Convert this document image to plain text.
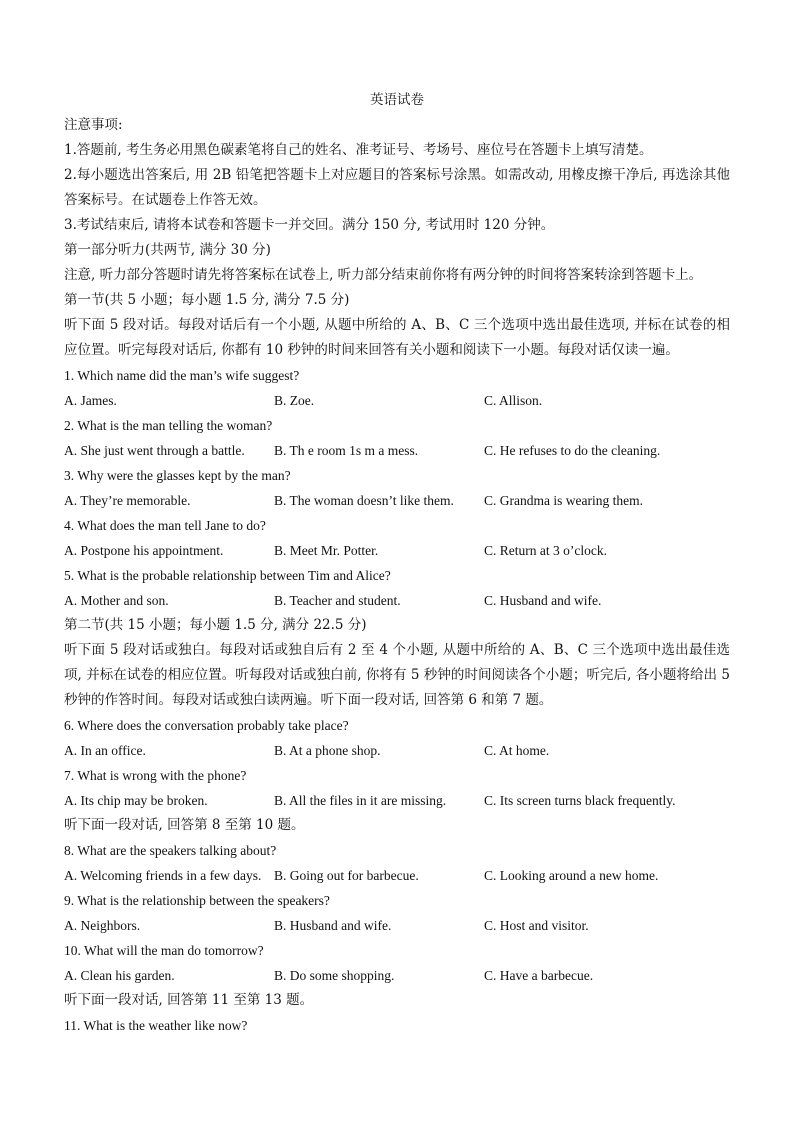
英语试卷
注意事项:
1.答题前, 考生务必用黑色碳素笔将自己的姓名、准考证号、考场号、座位号在答题卡上填写清楚。
2.每小题选出答案后, 用 2B 铅笔把答题卡上对应题目的答案标号涂黑。如需改动, 用橡皮擦干净后, 再选涂其他答案标号。在试题卷上作答无效。
3.考试结束后, 请将本试卷和答题卡一并交回。满分 150 分, 考试用时 120 分钟。
第一部分听力(共两节, 满分 30 分)
注意, 听力部分答题时请先将答案标在试卷上, 听力部分结束前你将有两分钟的时间将答案转涂到答题卡上。
第一节(共 5 小题；每小题 1.5 分, 满分 7.5 分)
听下面 5 段对话。每段对话后有一个小题, 从题中所给的 A、B、C 三个选项中选出最佳选项, 并标在试卷的相应位置。听完每段对话后, 你都有 10 秒钟的时间来回答有关小题和阅读下一小题。每段对话仅读一遍。
1. Which name did the man’s wife suggest?
A. James.	B. Zoe.	C. Allison.
2. What is the man telling the woman?
A. She just went through a battle.	B. Th e room 1s m a mess.	C. He refuses to do the cleaning.
3. Why were the glasses kept by the man?
A. They’re memorable.	B. The woman doesn’t like them.	C. Grandma is wearing them.
4. What does the man tell Jane to do?
A. Postpone his appointment.	B. Meet Mr. Potter.	C. Return at 3 o’clock.
5. What is the probable relationship between Tim and Alice?
A. Mother and son.	B. Teacher and student.	C. Husband and wife.
第二节(共 15 小题；每小题 1.5 分, 满分 22.5 分)
听下面 5 段对话或独白。每段对话或独自后有 2 至 4 个小题, 从题中所给的 A、B、C 三个选项中选出最佳选项, 并标在试卷的相应位置。听每段对话或独白前, 你将有 5 秒钟的时间阅读各个小题；听完后, 各小题将给出 5 秒钟的作答时间。每段对话或独白读两遍。听下面一段对话, 回答第 6 和第 7 题。
6. Where does the conversation probably take place?
A. In an office.	B. At a phone shop.	C. At home.
7. What is wrong with the phone?
A. Its chip may be broken.	B. All the files in it are missing.	C. Its screen turns black frequently.
听下面一段对话, 回答第 8 至第 10 题。
8. What are the speakers talking about?
A. Welcoming friends in a few days. B. Going out for barbecue.	C. Looking around a new home.
9. What is the relationship between the speakers?
A. Neighbors.	B. Husband and wife.	C. Host and visitor.
10. What will the man do tomorrow?
A. Clean his garden.	B. Do some shopping.	C. Have a barbecue.
听下面一段对话, 回答第 11 至第 13 题。
11. What is the weather like now?
